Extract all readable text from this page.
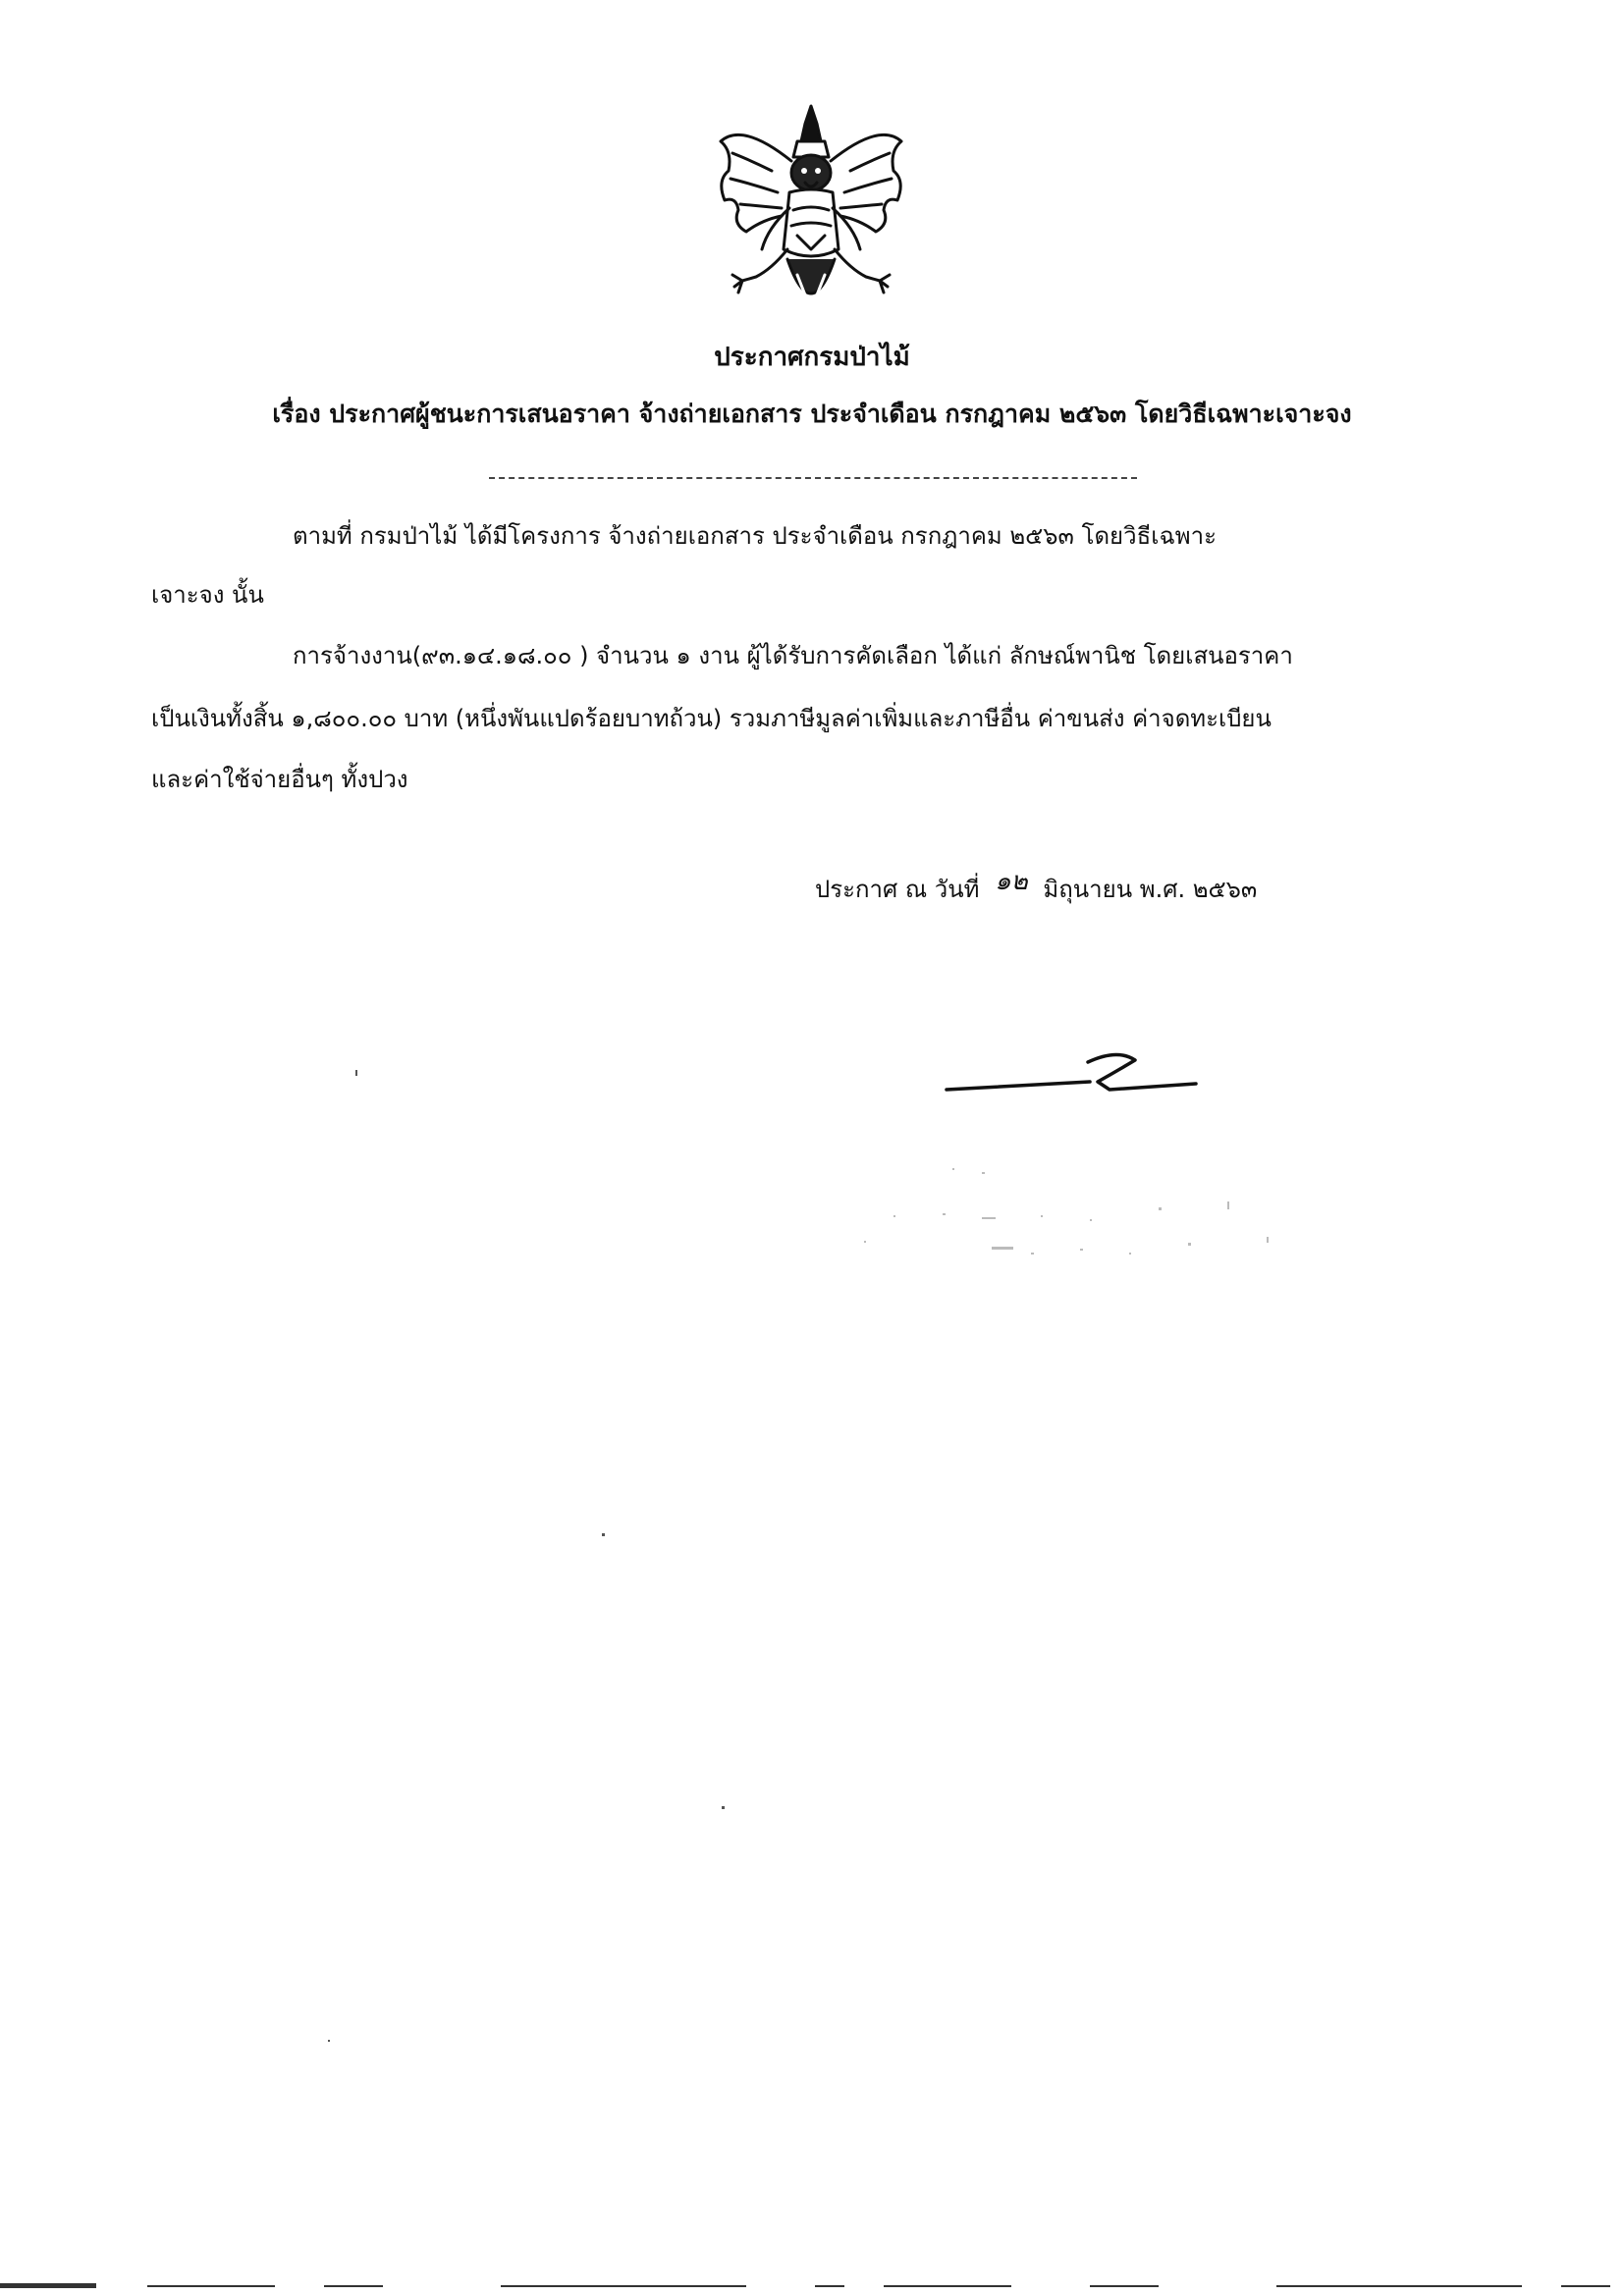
ประกาศกรมป่าไม้
เรื่อง ประกาศผู้ชนะการเสนอราคา จ้างถ่ายเอกสาร ประจำเดือน กรกฎาคม ๒๕๖๓ โดยวิธีเฉพาะเจาะจง
ตามที่ กรมป่าไม้ ได้มีโครงการ จ้างถ่ายเอกสาร ประจำเดือน กรกฎาคม ๒๕๖๓ โดยวิธีเฉพาะ
เจาะจง นั้น
การจ้างงาน(๙๓.๑๔.๑๘.๐๐ ) จำนวน ๑ งาน ผู้ได้รับการคัดเลือก ได้แก่ ลักษณ์พานิช โดยเสนอราคา
เป็นเงินทั้งสิ้น ๑,๘๐๐.๐๐ บาท (หนึ่งพันแปดร้อยบาทถ้วน) รวมภาษีมูลค่าเพิ่มและภาษีอื่น ค่าขนส่ง ค่าจดทะเบียน
และค่าใช้จ่ายอื่นๆ ทั้งปวง
ประกาศ ณ วันที่ ๑๒ มิถุนายน พ.ศ. ๒๕๖๓
